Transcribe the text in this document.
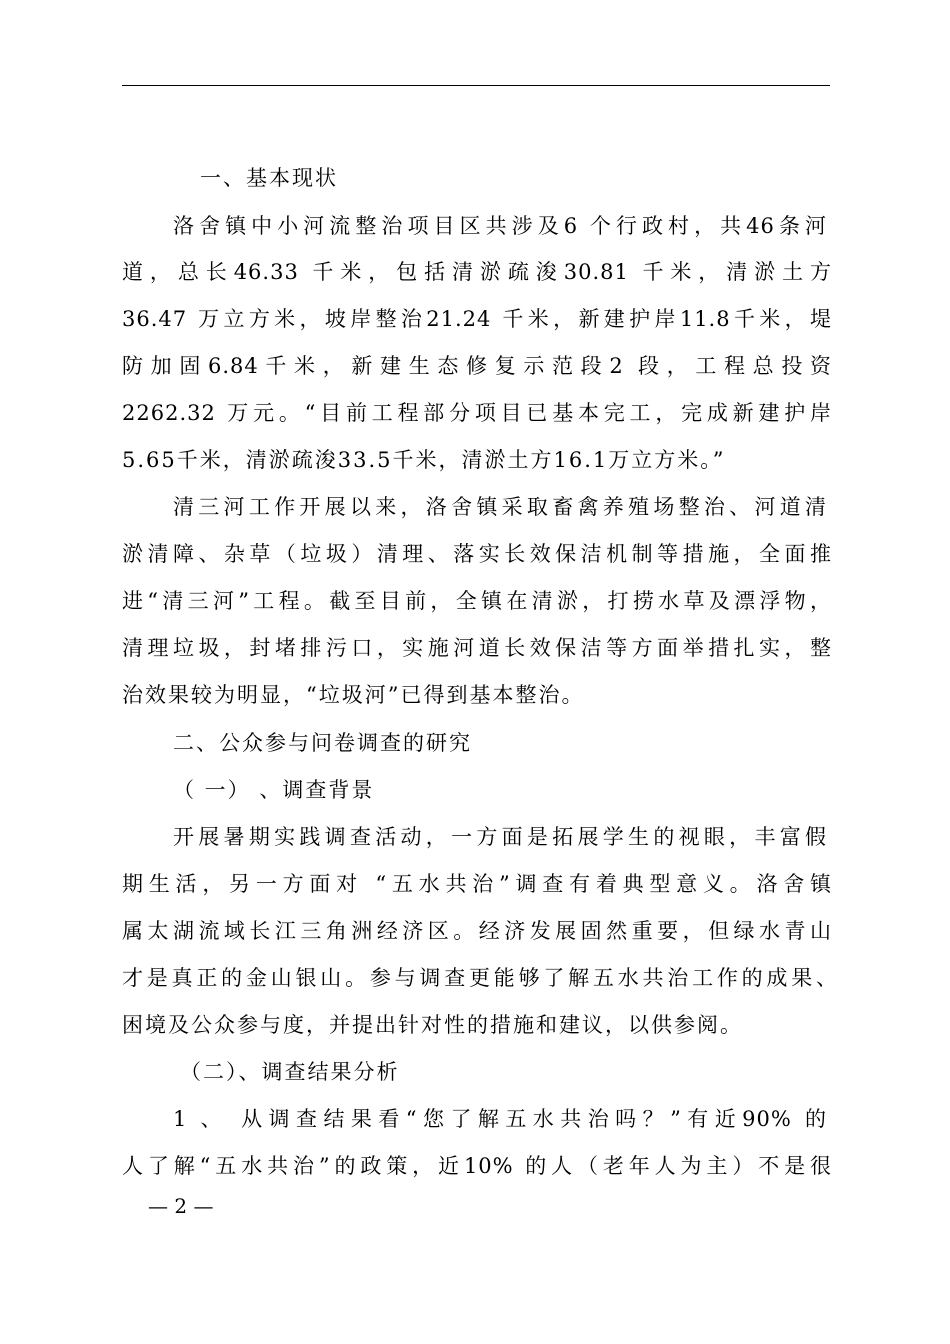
一、基本现状
洛舍镇中小河流整治项目区共涉及6 个行政村，共46条河
道，总长46.33 千米，包括清淤疏浚30.81 千米，清淤土方
36.47 万立方米，坡岸整治21.24 千米，新建护岸11.8千米，堤
防加固6.84千米，新建生态修复示范段2 段，工程总投资
2262.32 万元。“目前工程部分项目已基本完工，完成新建护岸
5.65千米，清淤疏浚33.5千米，清淤土方16.1万立方米。”
清三河工作开展以来，洛舍镇采取畜禽养殖场整治、河道清
淤清障、杂草（垃圾）清理、落实长效保洁机制等措施，全面推
进“清三河”工程。截至目前，全镇在清淤，打捞水草及漂浮物，
清理垃圾，封堵排污口，实施河道长效保洁等方面举措扎实，整
治效果较为明显，“垃圾河”已得到基本整治。
二、公众参与问卷调查的研究
（ 一） 、调查背景
开展暑期实践调查活动，一方面是拓展学生的视眼，丰富假
期生活，另一方面对 “五水共治”调查有着典型意义。洛舍镇
属太湖流域长江三角洲经济区。经济发展固然重要，但绿水青山
才是真正的金山银山。参与调查更能够了解五水共治工作的成果、
困境及公众参与度，并提出针对性的措施和建议，以供参阅。
（二）、调查结果分析
1 、 从调查结果看“您了解五水共治吗？”有近90% 的
人了解“五水共治”的政策，近10% 的人（老年人为主）不是很
— 2 —
